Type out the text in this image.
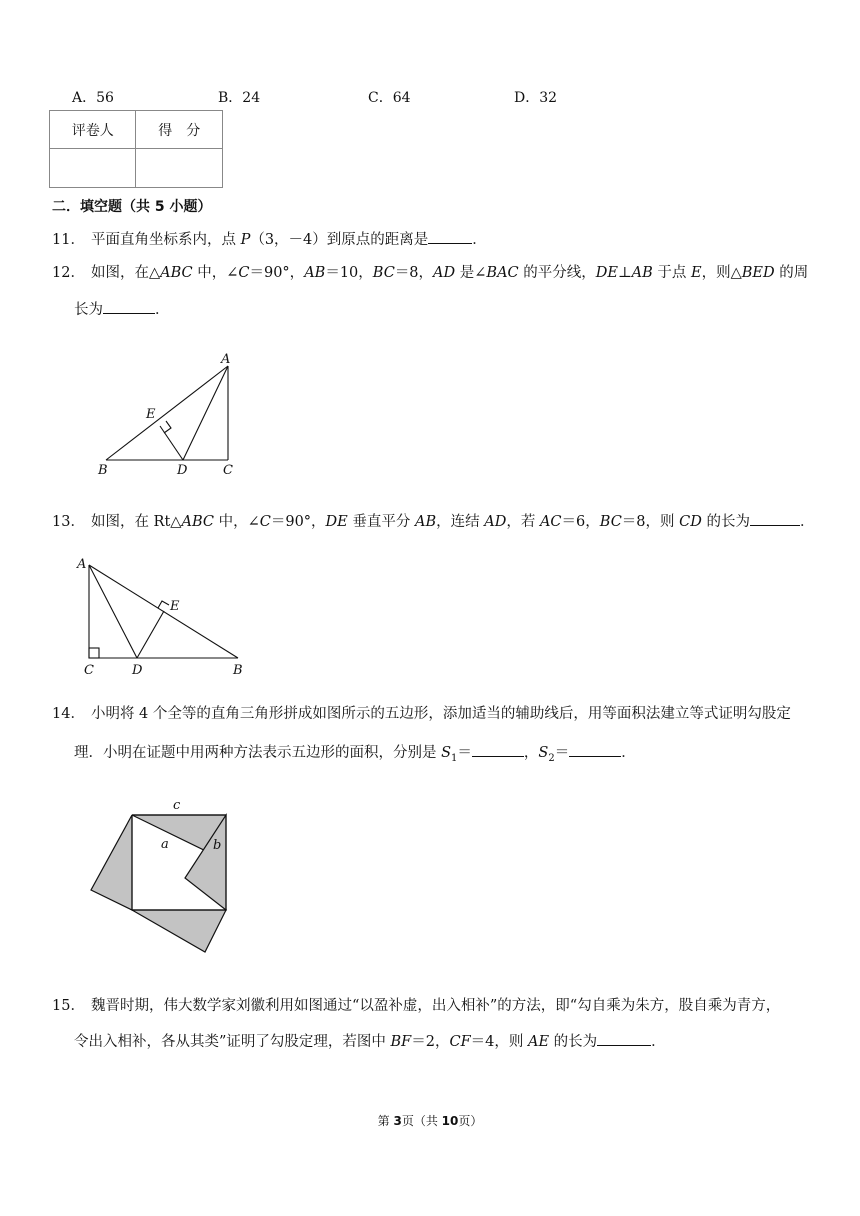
A．56	B．24	C．64	D．32
评卷人	得　分

二．填空题（共 5 小题）
11． 平面直角坐标系内，点 P（3，－4）到原点的距离是	．
12． 如图，在△ABC 中，∠C＝90°，AB＝10，BC＝8，AD 是∠BAC 的平分线，DE⊥AB 于点 E，则△BED 的周
长为	．
A
E
B	D	C
13． 如图，在 Rt△ABC 中，∠C＝90°，DE 垂直平分 AB，连结 AD，若 AC＝6，BC＝8，则 CD 的长为	．
A
E
C	D	B
14． 小明将 4 个全等的直角三角形拼成如图所示的五边形，添加适当的辅助线后，用等面积法建立等式证明勾股定
理．小明在证题中用两种方法表示五边形的面积，分别是 $S_1=$	，$S_2=$	．
c
a	b
15． 魏晋时期，伟大数学家刘徽利用如图通过“以盈补虚，出入相补”的方法，即“勾自乘为朱方，股自乘为青方，
令出入相补，各从其类”证明了勾股定理，若图中 BF＝2，CF＝4，则 AE 的长为	．
第 3页（共 10页）
